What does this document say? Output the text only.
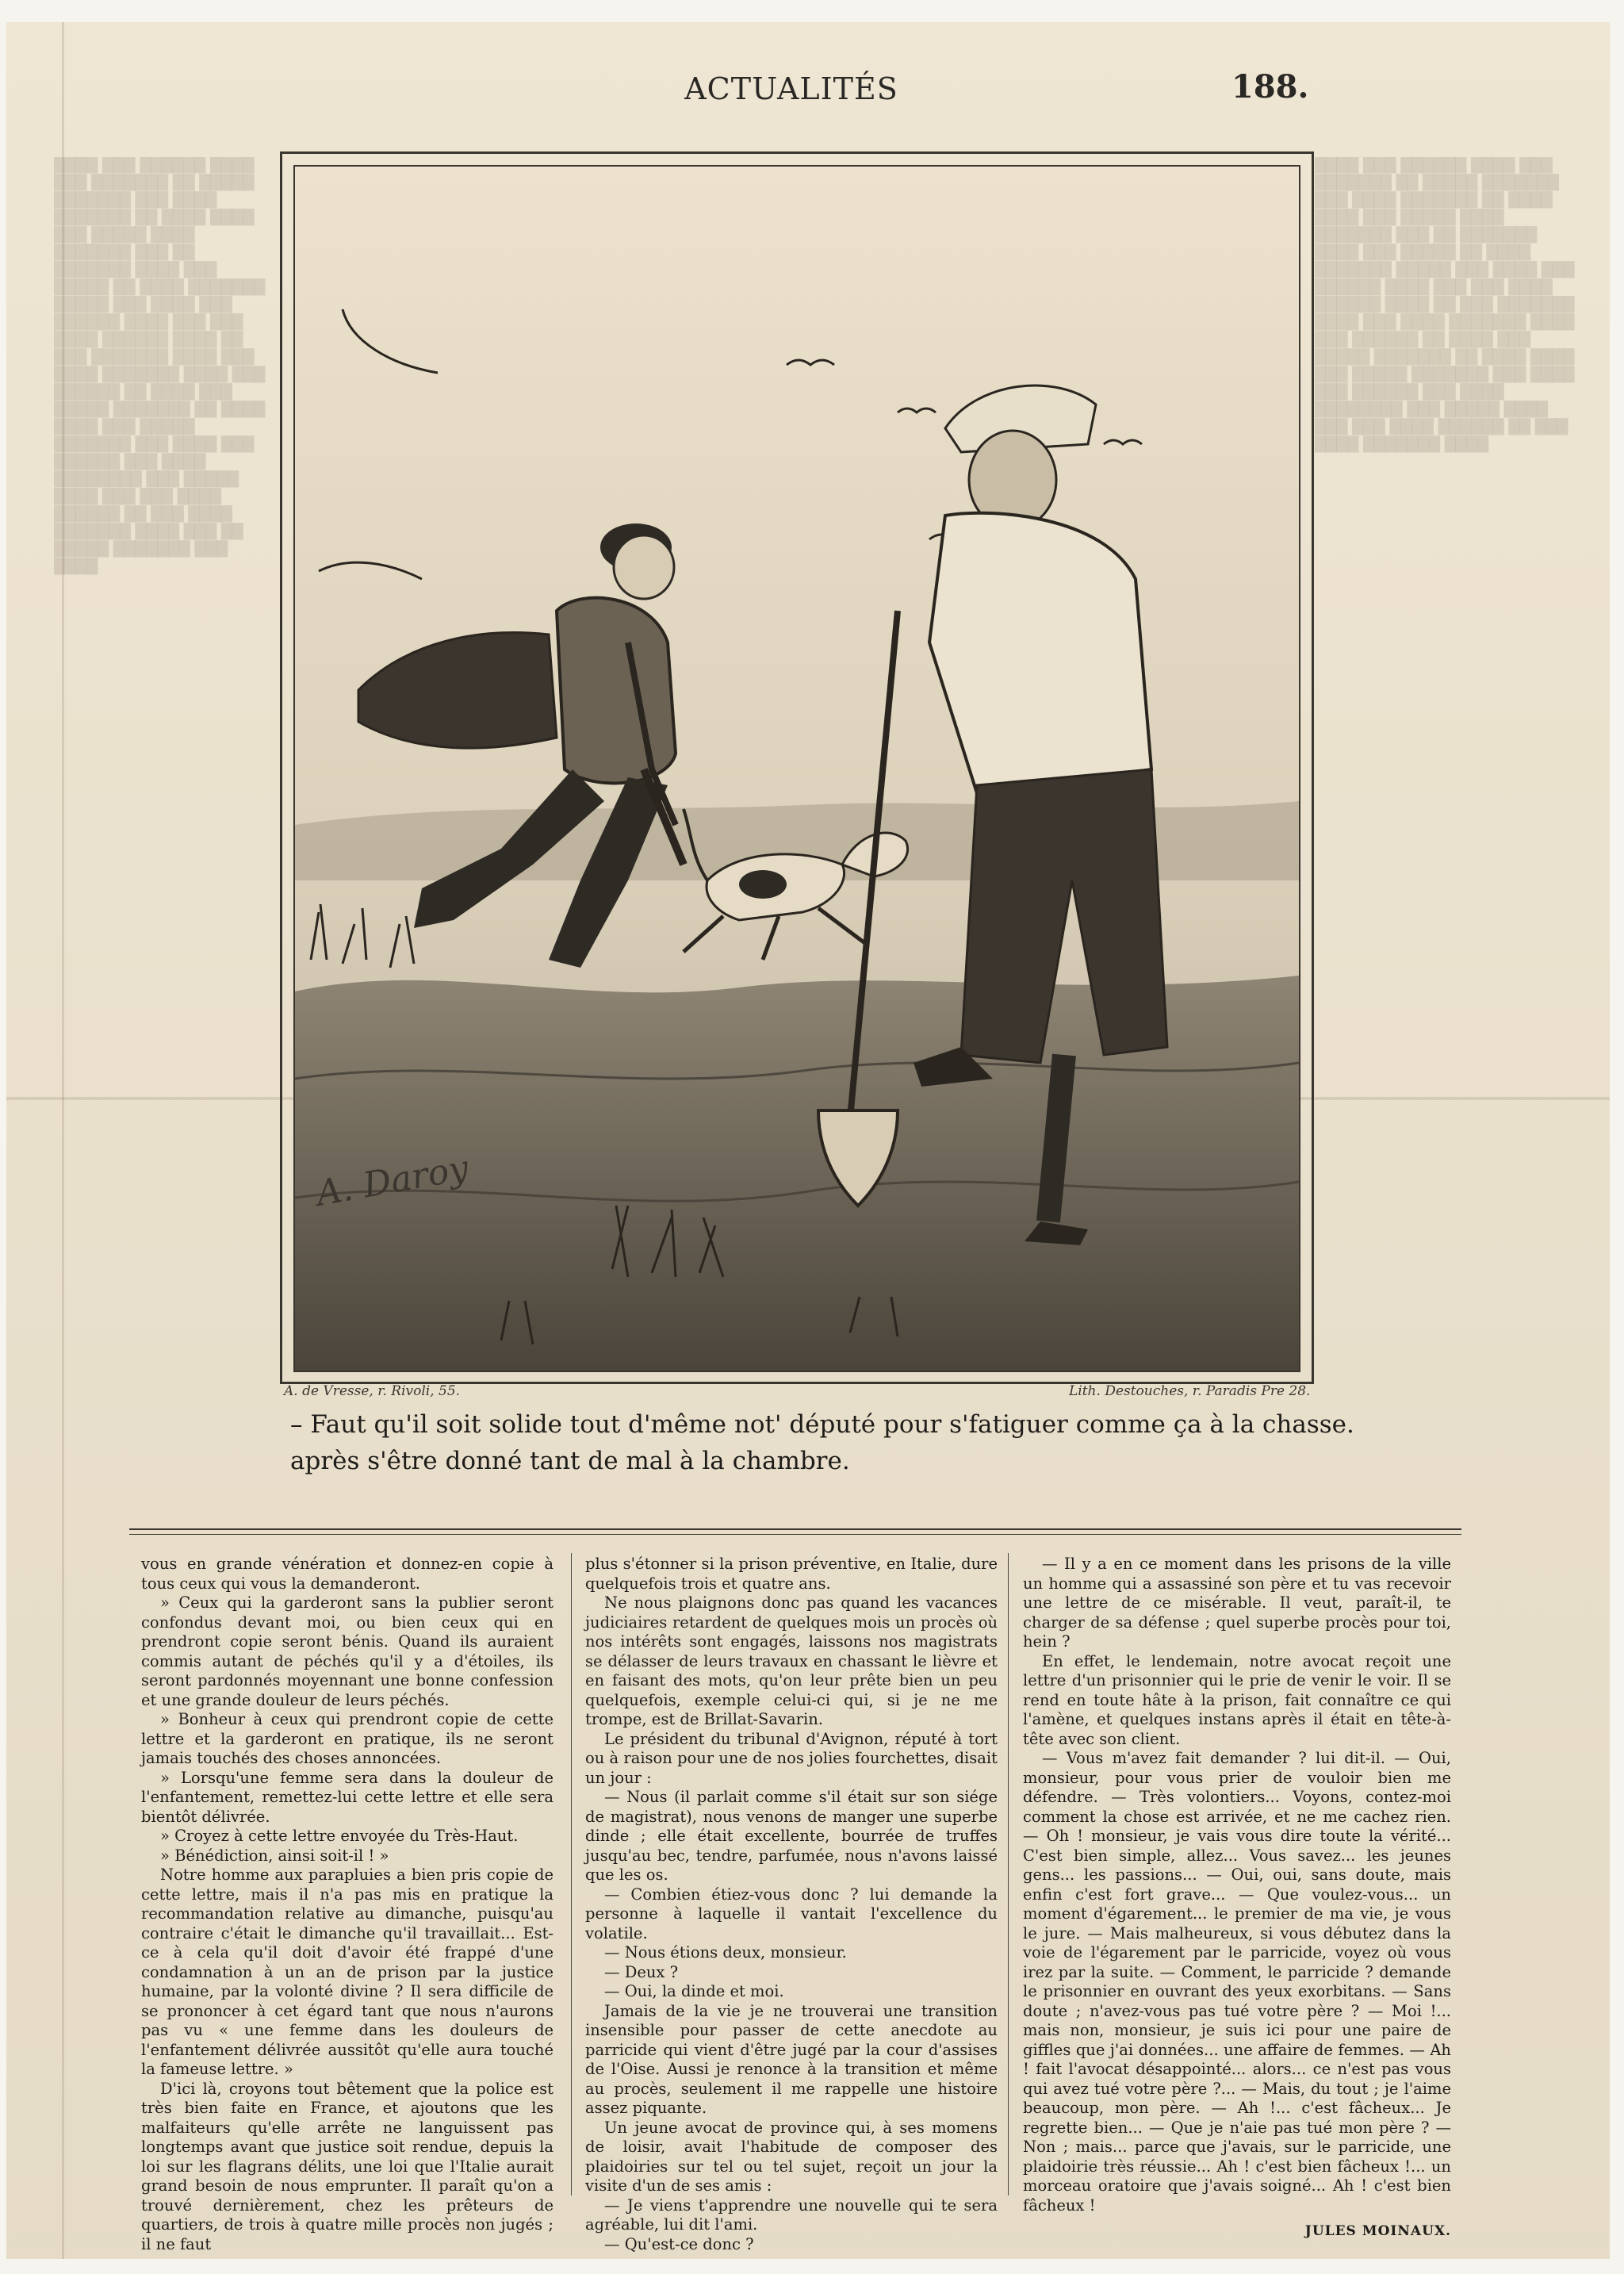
████ ███ ██████ ████ ███ ███████ ██ █████ ███████ ███ ████ ███████ ██ ████ ████ ███ █████ ████ ███████ ███ ██ ███████ ████ ███ █████ ██ ████ ███████ █████ ███ ████ ███ ██████ ████ ███ ███ ████ ██████ ████ ██ ███ ███████ ████ ███ ████ ███████ ████ ███ ██████ ██ ████ ███ █████ ███████ ██ ████ ████ ███ █████ ███████ ███ ████ ███ ██████ ███ ████ ████████ ███ █████ ████ ███ ███ ████ ██████ ██ ███ ████ ███████ ████ ███ ██ █████ ███████ ███ ████
████ ███ ██████ ████ ███ ███████ ██ █████ ███████ ███ ████ ███████ ██ ████ ████ ███ █████ ████ ███████ ███ ██ ███████ ████ ███ █████ ██ ████ ███████ █████ ███ ████ ███ ██████ ████ ███ ███ ████ ██████ ████ ██ ███ ███████ ████ ███ ████ ███████ ████ ███ ██████ ██ ████ ███ █████ ███████ ██ ████ ████ ███ █████ ███████ ███ ████ ███ ██████ ███ ████ ████████ ███ █████ ████ ███ ███ ████ ██████ ██ ███ ████ ███████ ████
ACTUALITÉS	188.
A. Daroy
A. de Vresse, r. Rivoli, 55.	Lith. Destouches, r. Paradis Pre 28.
– Faut qu'il soit solide tout d'même not' député pour s'fatiguer comme ça à la chasse.
après s'être donné tant de mal à la chambre.

vous en grande vénération et donnez-en copie à tous ceux qui vous la demanderont.

» Ceux qui la garderont sans la publier seront confondus devant moi, ou bien ceux qui en prendront copie seront bénis. Quand ils auraient commis autant de péchés qu'il y a d'étoiles, ils seront pardonnés moyennant une bonne confession et une grande douleur de leurs péchés.

» Bonheur à ceux qui prendront copie de cette lettre et la garderont en pratique, ils ne seront jamais touchés des choses annoncées.

» Lorsqu'une femme sera dans la douleur de l'enfantement, remettez-lui cette lettre et elle sera bientôt délivrée.

» Croyez à cette lettre envoyée du Très-Haut.

» Bénédiction, ainsi soit-il ! »

Notre homme aux parapluies a bien pris copie de cette lettre, mais il n'a pas mis en pratique la recommandation relative au dimanche, puisqu'au contraire c'était le dimanche qu'il travaillait... Est-ce à cela qu'il doit d'avoir été frappé d'une condamnation à un an de prison par la justice humaine, par la volonté divine ? Il sera difficile de se prononcer à cet égard tant que nous n'aurons pas vu « une femme dans les douleurs de l'enfantement délivrée aussitôt qu'elle aura touché la fameuse lettre. »

D'ici là, croyons tout bêtement que la police est très bien faite en France, et ajoutons que les malfaiteurs qu'elle arrête ne languissent pas longtemps avant que justice soit rendue, depuis la loi sur les flagrans délits, une loi que l'Italie aurait grand besoin de nous emprunter. Il paraît qu'on a trouvé dernièrement, chez les prêteurs de quartiers, de trois à quatre mille procès non jugés ; il ne faut

plus s'étonner si la prison préventive, en Italie, dure quelquefois trois et quatre ans.

Ne nous plaignons donc pas quand les vacances judiciaires retardent de quelques mois un procès où nos intérêts sont engagés, laissons nos magistrats se délasser de leurs travaux en chassant le lièvre et en faisant des mots, qu'on leur prête bien un peu quelquefois, exemple celui-ci qui, si je ne me trompe, est de Brillat-Savarin.

Le président du tribunal d'Avignon, réputé à tort ou à raison pour une de nos jolies fourchettes, disait un jour :

— Nous (il parlait comme s'il était sur son siége de magistrat), nous venons de manger une superbe dinde ; elle était excellente, bourrée de truffes jusqu'au bec, tendre, parfumée, nous n'avons laissé que les os.

— Combien étiez-vous donc ? lui demande la personne à laquelle il vantait l'excellence du volatile.

— Nous étions deux, monsieur.

— Deux ?

— Oui, la dinde et moi.

Jamais de la vie je ne trouverai une transition insensible pour passer de cette anecdote au parricide qui vient d'être jugé par la cour d'assises de l'Oise. Aussi je renonce à la transition et même au procès, seulement il me rappelle une histoire assez piquante.

Un jeune avocat de province qui, à ses momens de loisir, avait l'habitude de composer des plaidoiries sur tel ou tel sujet, reçoit un jour la visite d'un de ses amis :

— Je viens t'apprendre une nouvelle qui te sera agréable, lui dit l'ami.

— Qu'est-ce donc ?

— Il y a en ce moment dans les prisons de la ville un homme qui a assassiné son père et tu vas recevoir une lettre de ce misérable. Il veut, paraît-il, te charger de sa défense ; quel superbe procès pour toi, hein ?

En effet, le lendemain, notre avocat reçoit une lettre d'un prisonnier qui le prie de venir le voir. Il se rend en toute hâte à la prison, fait connaître ce qui l'amène, et quelques instans après il était en tête-à-tête avec son client.

— Vous m'avez fait demander ? lui dit-il. — Oui, monsieur, pour vous prier de vouloir bien me défendre. — Très volontiers... Voyons, contez-moi comment la chose est arrivée, et ne me cachez rien. — Oh ! monsieur, je vais vous dire toute la vérité... C'est bien simple, allez... Vous savez... les jeunes gens... les passions... — Oui, oui, sans doute, mais enfin c'est fort grave... — Que voulez-vous... un moment d'égarement... le premier de ma vie, je vous le jure. — Mais malheureux, si vous débutez dans la voie de l'égarement par le parricide, voyez où vous irez par la suite. — Comment, le parricide ? demande le prisonnier en ouvrant des yeux exorbitans. — Sans doute ; n'avez-vous pas tué votre père ? — Moi !... mais non, monsieur, je suis ici pour une paire de giffles que j'ai données... une affaire de femmes. — Ah ! fait l'avocat désappointé... alors... ce n'est pas vous qui avez tué votre père ?... — Mais, du tout ; je l'aime beaucoup, mon père. — Ah !... c'est fâcheux... Je regrette bien... — Que je n'aie pas tué mon père ? — Non ; mais... parce que j'avais, sur le parricide, une plaidoirie très réussie... Ah ! c'est bien fâcheux !... un morceau oratoire que j'avais soigné... Ah ! c'est bien fâcheux !

JULES MOINAUX.
